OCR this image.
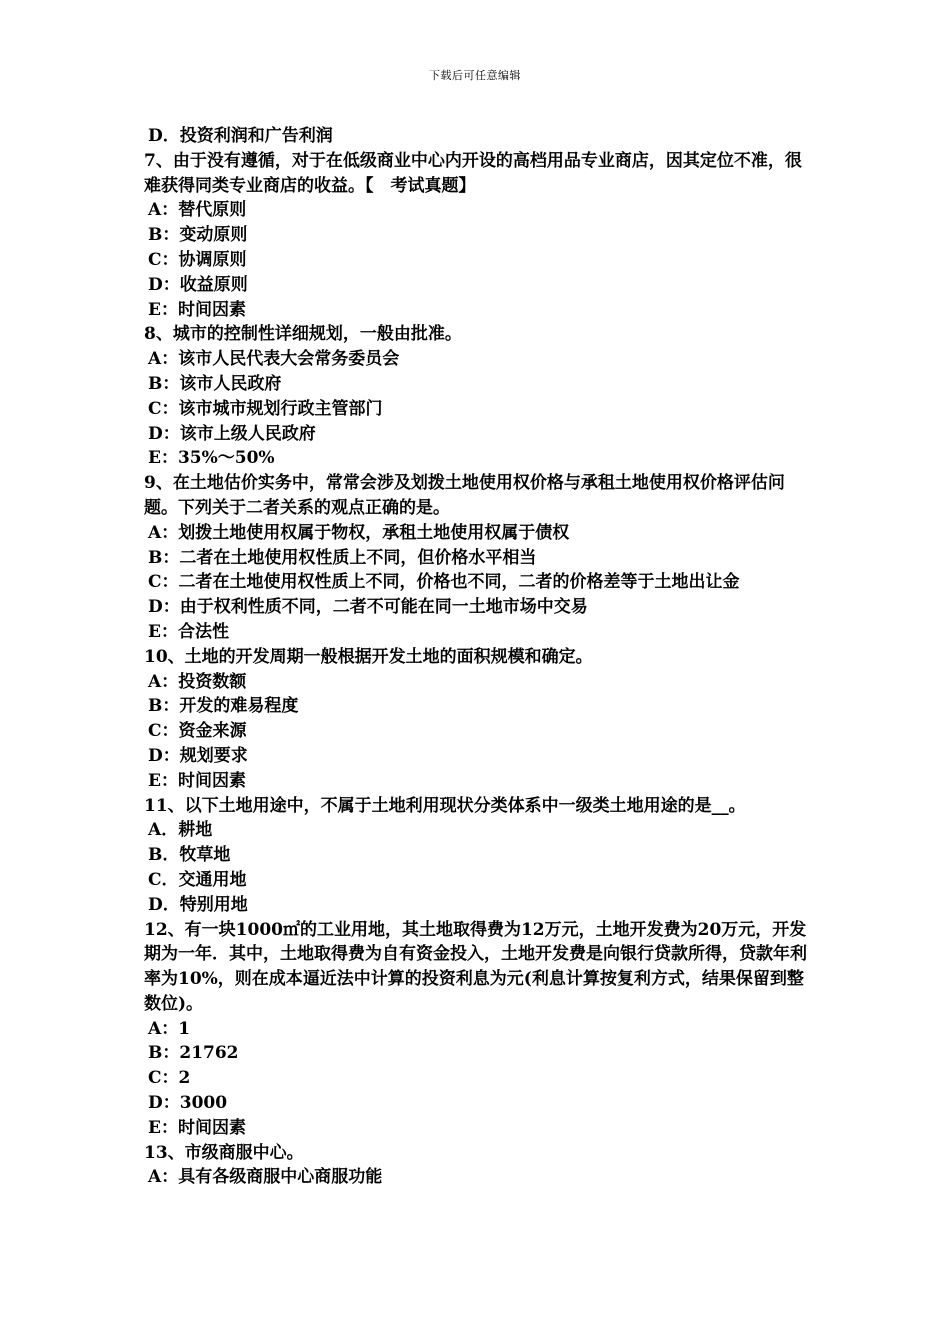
下载后可任意编辑
D．投资利润和广告利润
7、由于没有遵循，对于在低级商业中心内开设的高档用品专业商店，因其定位不准，很难获得同类专业商店的收益。【　考试真题】
A：替代原则
B：变动原则
C：协调原则
D：收益原则
E：时间因素
8、城市的控制性详细规划，一般由批准。
A：该市人民代表大会常务委员会
B：该市人民政府
C：该市城市规划行政主管部门
D：该市上级人民政府
E：35%～50%
9、在土地估价实务中，常常会涉及划拨土地使用权价格与承租土地使用权价格评估问题。下列关于二者关系的观点正确的是。
A：划拨土地使用权属于物权，承租土地使用权属于债权
B：二者在土地使用权性质上不同，但价格水平相当
C：二者在土地使用权性质上不同，价格也不同，二者的价格差等于土地出让金
D：由于权利性质不同，二者不可能在同一土地市场中交易
E：合法性
10、土地的开发周期一般根据开发土地的面积规模和确定。
A：投资数额
B：开发的难易程度
C：资金来源
D：规划要求
E：时间因素
11、以下土地用途中，不属于土地利用现状分类体系中一级类土地用途的是__。
A．耕地
B．牧草地
C．交通用地
D．特别用地
12、有一块1000㎡的工业用地，其土地取得费为12万元，土地开发费为20万元，开发期为一年．其中，土地取得费为自有资金投入，土地开发费是向银行贷款所得，贷款年利率为10%，则在成本逼近法中计算的投资利息为元(利息计算按复利方式，结果保留到整数位)。
A：1
B：21762
C：2
D：3000
E：时间因素
13、市级商服中心。
A：具有各级商服中心商服功能
